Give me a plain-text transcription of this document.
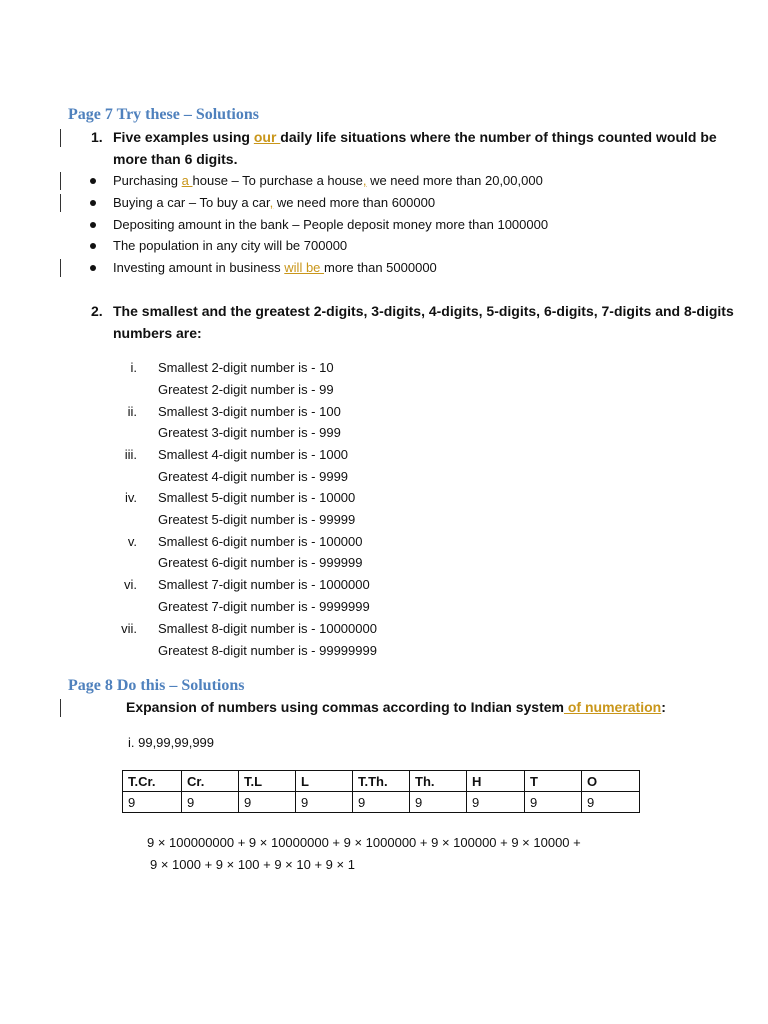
Page 7 Try these – Solutions
1. Five examples using our daily life situations where the number of things counted would be
more than 6 digits.
Purchasing a house – To purchase a house, we need more than 20,00,000
Buying a car – To buy a car, we need more than 600000
Depositing amount in the bank – People deposit money more than 1000000
The population in any city will be 700000
Investing amount in business will be more than 5000000
2. The smallest and the greatest 2-digits, 3-digits, 4-digits, 5-digits, 6-digits, 7-digits and 8-digits
numbers are:
i. Smallest 2-digit number is - 10
Greatest 2-digit number is - 99
ii. Smallest 3-digit number is - 100
Greatest 3-digit number is - 999
iii. Smallest 4-digit number is - 1000
Greatest 4-digit number is - 9999
iv. Smallest 5-digit number is - 10000
Greatest 5-digit number is - 99999
v. Smallest 6-digit number is - 100000
Greatest 6-digit number is - 999999
vi. Smallest 7-digit number is - 1000000
Greatest 7-digit number is - 9999999
vii. Smallest 8-digit number is - 10000000
Greatest 8-digit number is - 99999999
Page 8 Do this – Solutions
Expansion of numbers using commas according to Indian system of numeration:
i. 99,99,99,999
T.Cr.	Cr.	T.L	L	T.Th.	Th.	H	T	O
9	9	9	9	9	9	9	9	9
9 × 100000000 + 9 × 10000000 + 9 × 1000000 + 9 × 100000 + 9 × 10000 +
9 × 1000 + 9 × 100 + 9 × 10 + 9 × 1
